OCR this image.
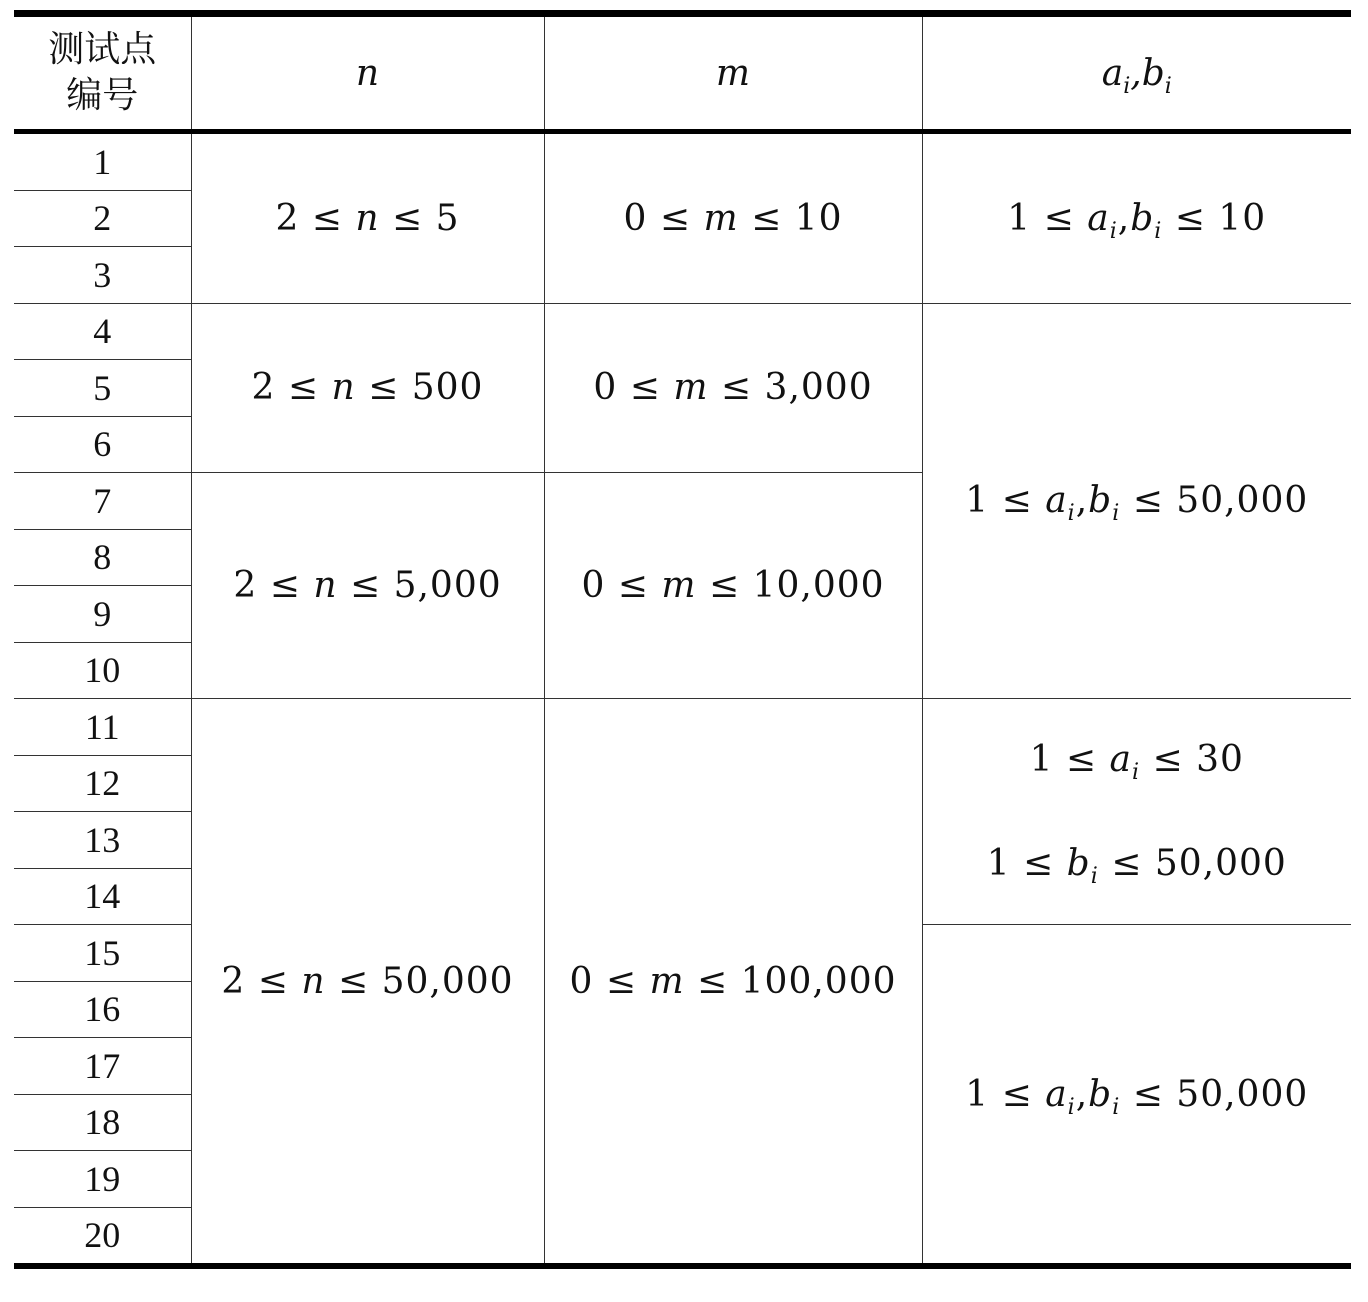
测试点
编号	n	m	$a_i,b_i$
1	2 ≤ n ≤ 5	0 ≤ m ≤ 10	$1 \le a_i,b_i \le 10$
2			
3			
4	2 ≤ n ≤ 500	0 ≤ m ≤ 3,000	$1 \le a_i,b_i \le 50,000$
5			
6			
7	2 ≤ n ≤ 5,000	0 ≤ m ≤ 10,000	
8			
9			
10			
11	2 ≤ n ≤ 50,000	0 ≤ m ≤ 100,000	$1 \le a_i \le 30$
$1 \le b_i \le 50,000$

12			
13			
14			
15			$1 \le a_i,b_i \le 50,000$
16			
17			
18			
19			
20			
